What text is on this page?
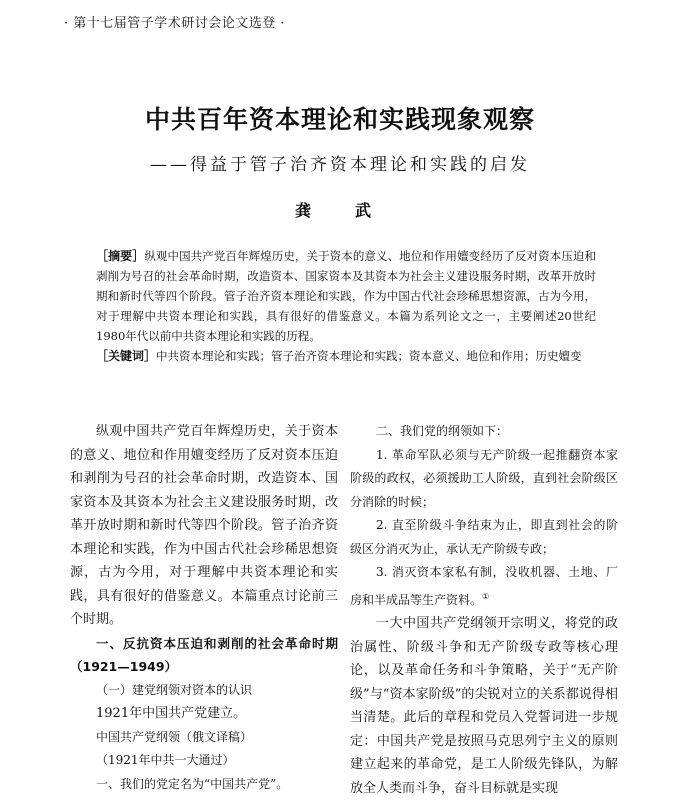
· 第十七届管子学术研讨会论文选登 ·
中共百年资本理论和实践现象观察
——得益于管子治齐资本理论和实践的启发
龚　武
［摘要］纵观中国共产党百年辉煌历史，关于资本的意义、地位和作用嬗变经历了反对资本压迫和剥削为号召的社会革命时期，改造资本、国家资本及其资本为社会主义建设服务时期，改革开放时期和新时代等四个阶段。管子治齐资本理论和实践，作为中国古代社会珍稀思想资源，古为今用，对于理解中共资本理论和实践，具有很好的借鉴意义。本篇为系列论文之一，主要阐述20世纪1980年代以前中共资本理论和实践的历程。
［关键词］中共资本理论和实践；管子治齐资本理论和实践；资本意义、地位和作用；历史嬗变

纵观中国共产党百年辉煌历史，关于资本的意义、地位和作用嬗变经历了反对资本压迫和剥削为号召的社会革命时期，改造资本、国家资本及其资本为社会主义建设服务时期，改革开放时期和新时代等四个阶段。管子治齐资本理论和实践，作为中国古代社会珍稀思想资源，古为今用，对于理解中共资本理论和实践，具有很好的借鉴意义。本篇重点讨论前三个时期。

一、反抗资本压迫和剥削的社会革命时期（1921—1949）

（一）建党纲领对资本的认识

1921年中国共产党建立。

中国共产党纲领（俄文译稿）

（1921年中共一大通过）

一、我们的党定名为“中国共产党”。

二、我们党的纲领如下：

1. 革命军队必须与无产阶级一起推翻资本家阶级的政权，必须援助工人阶级，直到社会阶级区分消除的时候；

2. 直至阶级斗争结束为止，即直到社会的阶级区分消灭为止，承认无产阶级专政；

3. 消灭资本家私有制，没收机器、土地、厂房和半成品等生产资料。①

一大中国共产党纲领开宗明义，将党的政治属性、阶级斗争和无产阶级专政等核心理论，以及革命任务和斗争策略，关于“无产阶级”与“资本家阶级”的尖锐对立的关系都说得相当清楚。此后的章程和党员入党誓词进一步规定：中国共产党是按照马克思列宁主义的原则建立起来的革命党，是工人阶级先锋队，为解放全人类而斗争，奋斗目标就是实现
